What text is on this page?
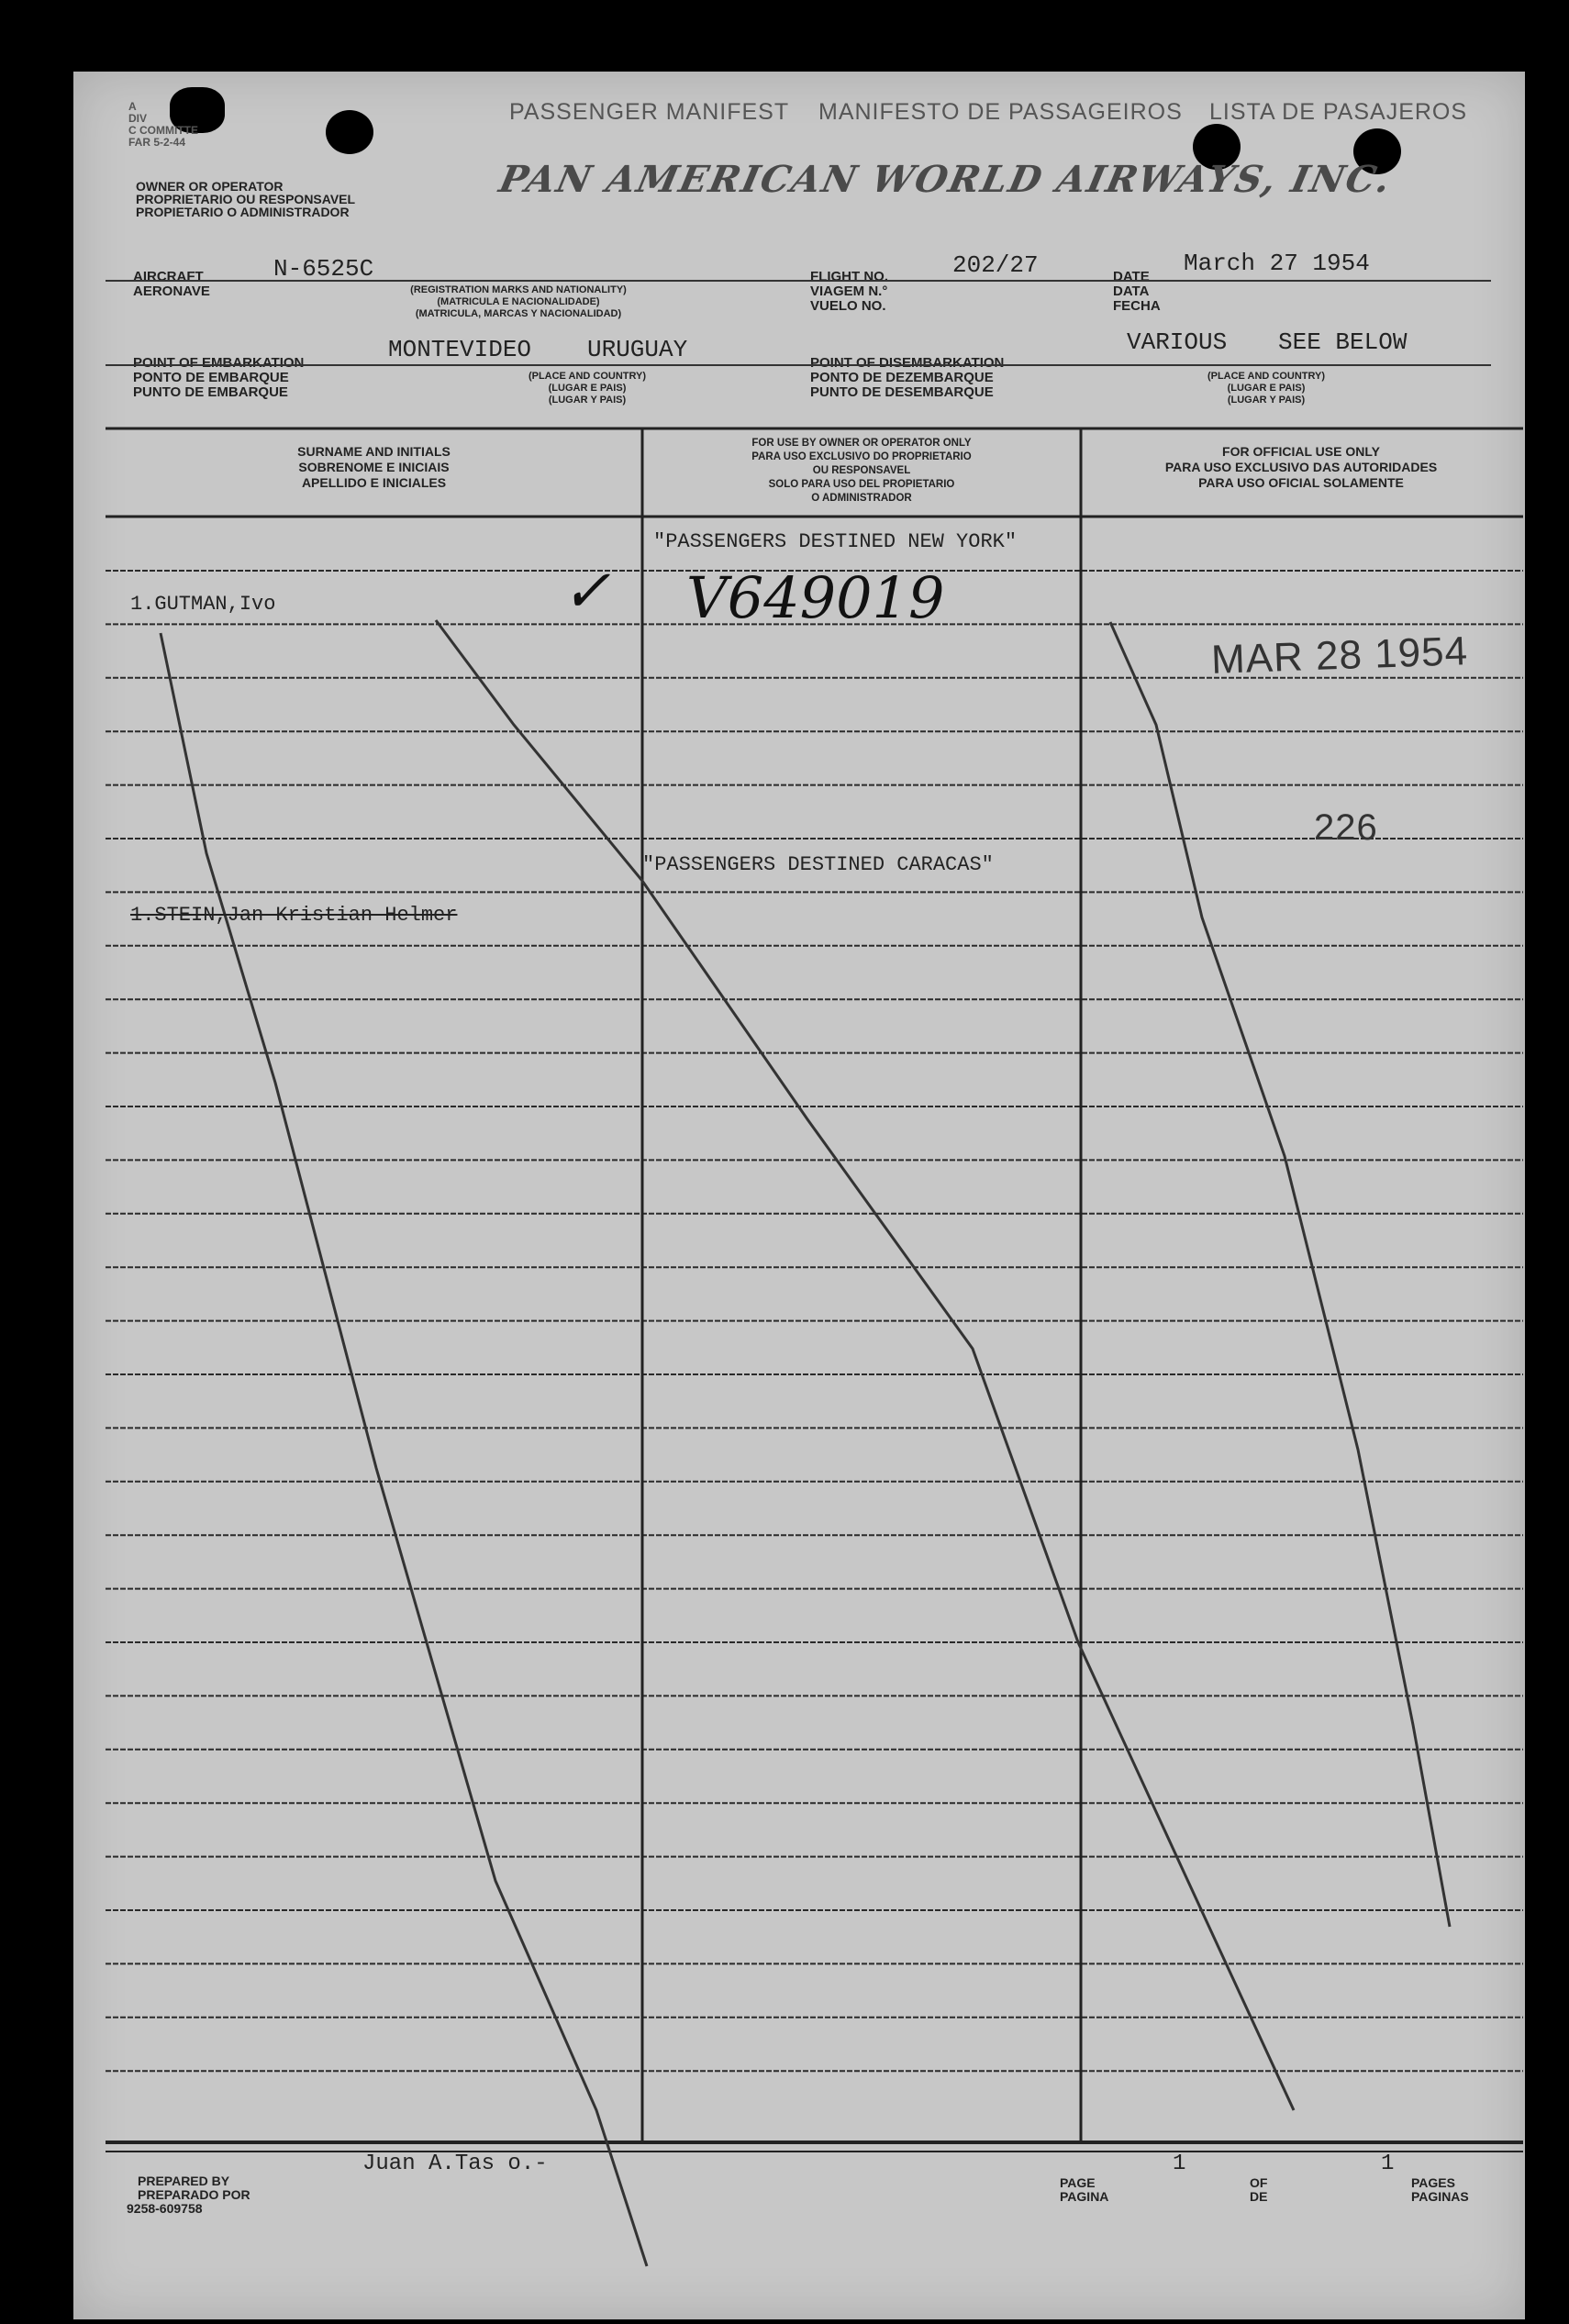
A
DIV
C COMMITTE
FAR 5-2-44
PASSENGER MANIFEST MANIFESTO DE PASSAGEIROS LISTA DE PASAJEROS
PAN AMERICAN WORLD AIRWAYS, INC.
OWNER OR OPERATOR
PROPRIETARIO OU RESPONSAVEL
PROPIETARIO O ADMINISTRADOR
AIRCRAFT
AERONAVE
N-6525C
(REGISTRATION MARKS AND NATIONALITY)
(MATRICULA E NACIONALIDADE)
(MATRICULA, MARCAS Y NACIONALIDAD)
FLIGHT NO.
VIAGEM N.°
VUELO NO.
202/27	DATE
DATA
FECHA
March 27 1954
POINT OF EMBARKATION
PONTO DE EMBARQUE
PUNTO DE EMBARQUE
MONTEVIDEO URUGUAY
(PLACE AND COUNTRY)
(LUGAR E PAIS)
(LUGAR Y PAIS)
POINT OF DISEMBARKATION
PONTO DE DEZEMBARQUE
PUNTO DE DESEMBARQUE
VARIOUS SEE BELOW
(PLACE AND COUNTRY)
(LUGAR E PAIS)
(LUGAR Y PAIS)
SURNAME AND INITIALS
SOBRENOME E INICIAIS
APELLIDO E INICIALES
FOR USE BY OWNER OR OPERATOR ONLY
PARA USO EXCLUSIVO DO PROPRIETARIO
OU RESPONSAVEL
SOLO PARA USO DEL PROPIETARIO
O ADMINISTRADOR
FOR OFFICIAL USE ONLY
PARA USO EXCLUSIVO DAS AUTORIDADES
PARA USO OFICIAL SOLAMENTE
"PASSENGERS DESTINED NEW YORK"
1.GUTMAN,Ivo	✓ V649019
MAR 28 1954
226
"PASSENGERS DESTINED CARACAS"
1.STEIN,Jan Kristian Helmer
PREPARED BY
PREPARADO POR
9258-609758
Juan A.Tas o.-
PAGE
PAGINA
1
OF
DE
1
PAGES
PAGINAS
